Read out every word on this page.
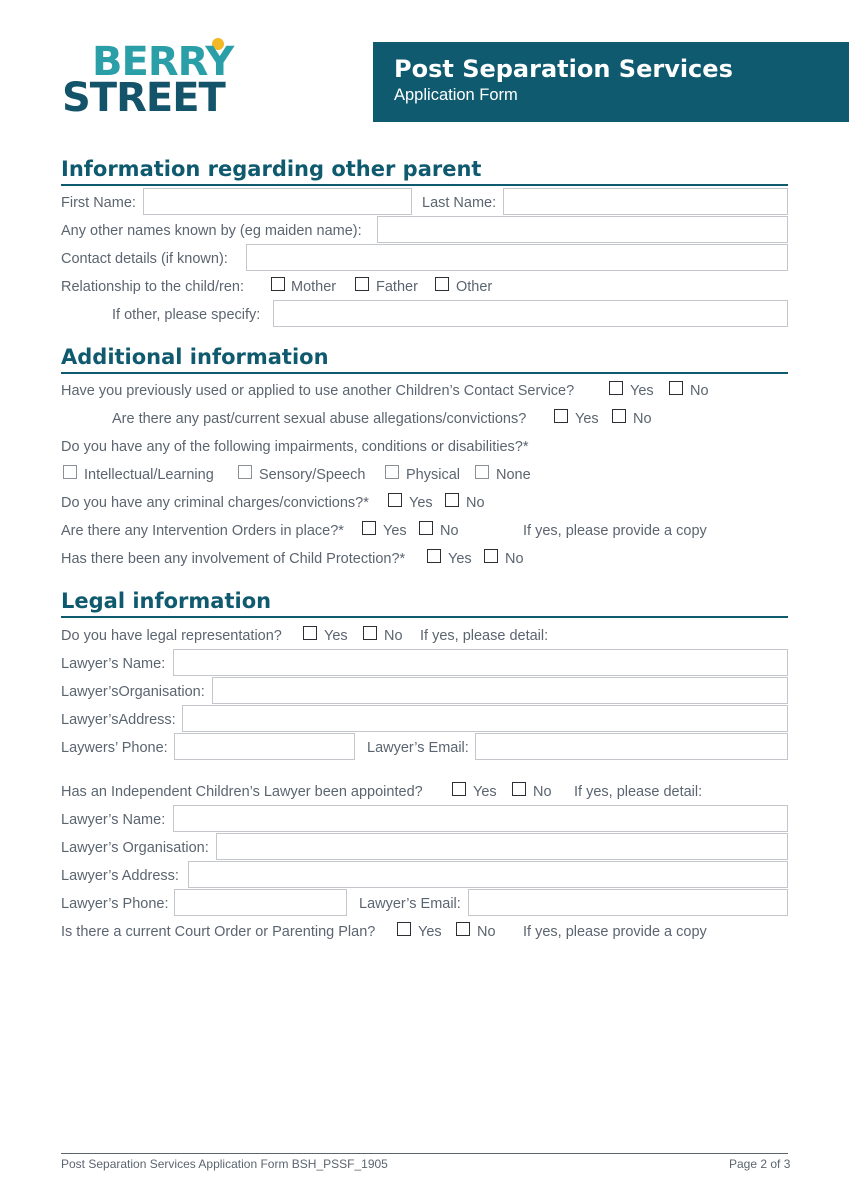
BERRY
STREET
Post Separation Services
Application Form
Information regarding other parent
First Name:	Last Name:
Any other names known by (eg maiden name):
Contact details (if known):
Relationship to the child/ren:	Mother	Father	Other
If other, please specify:
Additional information
Have you previously used or applied to use another Children’s Contact Service?	Yes	No
Are there any past/current sexual abuse allegations/convictions?	Yes No
Do you have any of the following impairments, conditions or disabilities?*
Intellectual/Learning	Sensory/Speech	Physical None
Do you have any criminal charges/convictions?*	Yes No
Are there any Intervention Orders in place?*	Yes No	If yes, please provide a copy
Has there been any involvement of Child Protection?*	Yes No
Legal information
Do you have legal representation?	Yes	No If yes, please detail:
Lawyer’s Name:
Lawyer’sOrganisation:
Lawyer’sAddress:
Laywers’ Phone:	Lawyer’s Email:
Has an Independent Children’s Lawyer been appointed?	Yes	No If yes, please detail:
Lawyer’s Name:
Lawyer’s Organisation:
Lawyer’s Address:
Lawyer’s Phone:	Lawyer’s Email:
Is there a current Court Order or Parenting Plan?	Yes No If yes, please provide a copy
Post Separation Services Application Form BSH_PSSF_1905	Page 2 of 3
